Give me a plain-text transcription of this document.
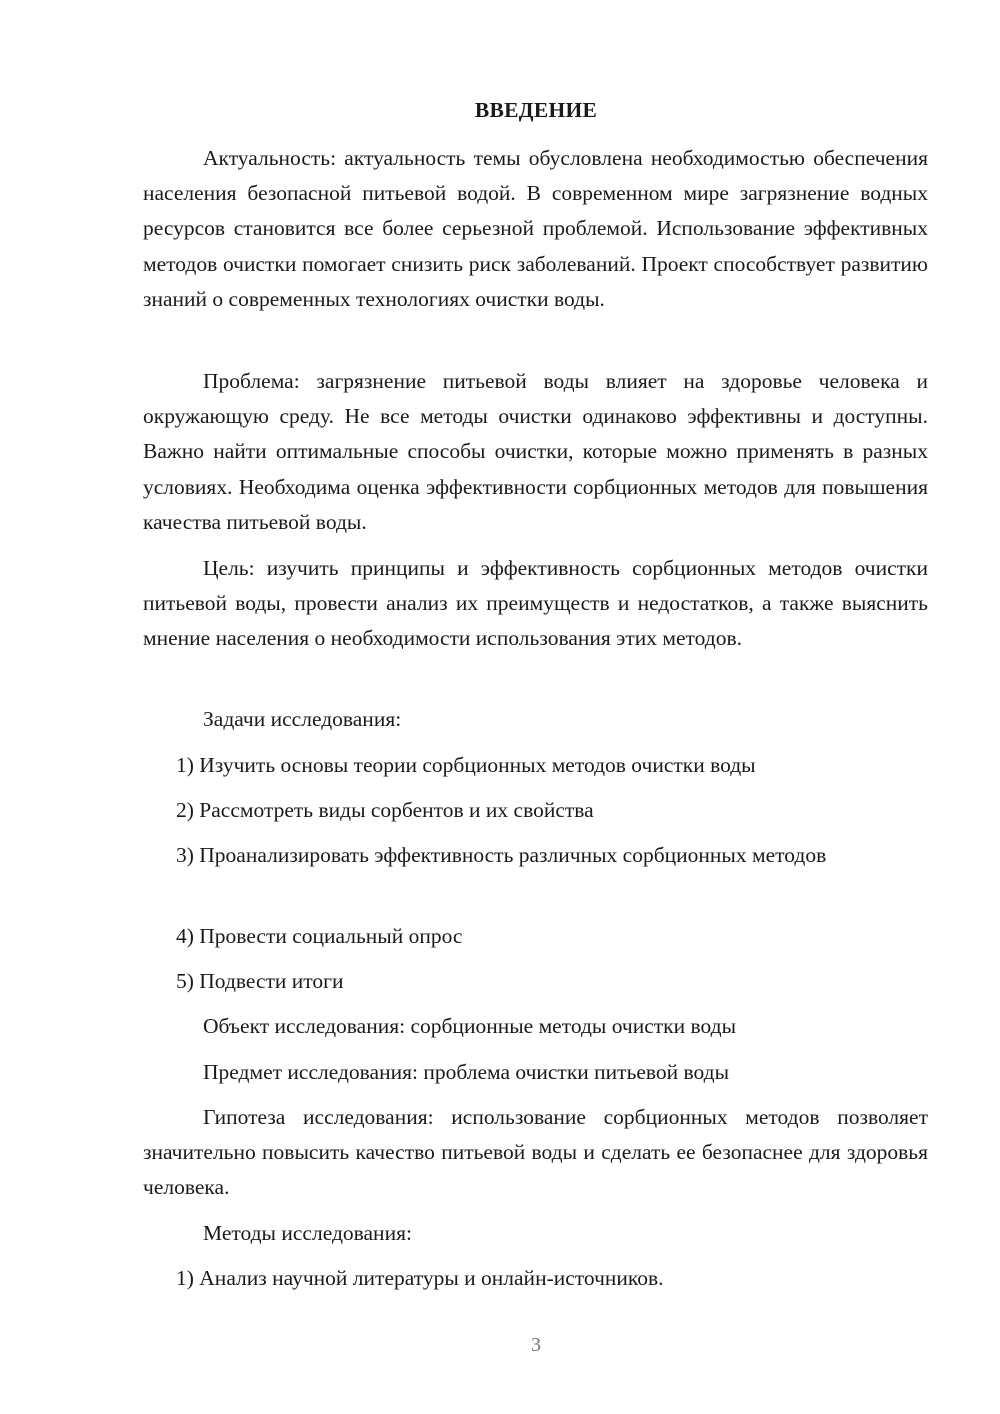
ВВЕДЕНИЕ

Актуальность: актуальность темы обусловлена необходимостью обеспечения населения безопасной питьевой водой. В современном мире загрязнение водных ресурсов становится все более серьезной проблемой. Использование эффективных методов очистки помогает снизить риск заболеваний. Проект способствует развитию знаний о современных технологиях очистки воды.

Проблема: загрязнение питьевой воды влияет на здоровье человека и окружающую среду. Не все методы очистки одинаково эффективны и доступны. Важно найти оптимальные способы очистки, которые можно применять в разных условиях. Необходима оценка эффективности сорбционных методов для повышения качества питьевой воды.

Цель: изучить принципы и эффективность сорбционных методов очистки питьевой воды, провести анализ их преимуществ и недостатков, а также выяснить мнение населения о необходимости использования этих методов.

Задачи исследования:

1) Изучить основы теории сорбционных методов очистки воды

2) Рассмотреть виды сорбентов и их свойства

3) Проанализировать эффективность различных сорбционных методов

4) Провести социальный опрос

5) Подвести итоги

Объект исследования: сорбционные методы очистки воды

Предмет исследования: проблема очистки питьевой воды

Гипотеза исследования: использование сорбционных методов позволяет значительно повысить качество питьевой воды и сделать ее безопаснее для здоровья человека.

Методы исследования:

1) Анализ научной литературы и онлайн-источников.

3
